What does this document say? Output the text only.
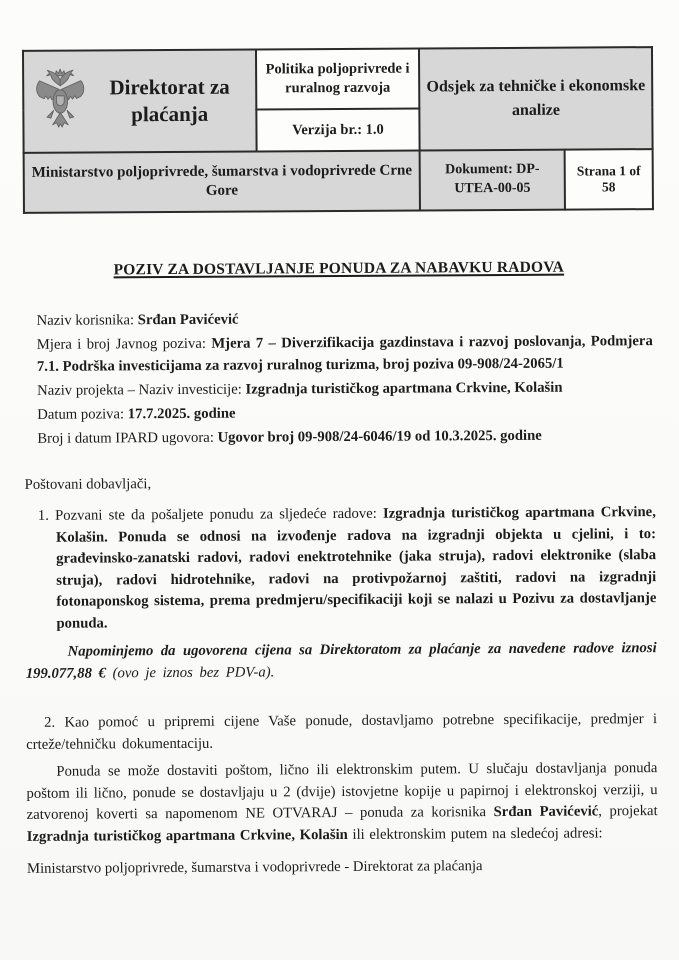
Direktorat za plaćanja	Politika poljoprivrede i ruralnog razvoja	Odsjek za tehničke i ekonomske analize	
	Verzija br.: 1.0		
Ministarstvo poljoprivrede, šumarstva i vodoprivrede Crne Gore		Dokument: DP-UTEA-00-05	Strana 1 of 58
POZIV ZA DOSTAVLJANJE PONUDA ZA NABAVKU RADOVA

Naziv korisnika: Srđan Pavićević

Mjera i broj Javnog poziva: Mjera 7 – Diverzifikacija gazdinstava i razvoj poslovanja, Podmjera 7.1. Podrška investicijama za razvoj ruralnog turizma, broj poziva 09-908/24-2065/1

Naziv projekta – Naziv investicije: Izgradnja turističkog apartmana Crkvine, Kolašin

Datum poziva: 17.7.2025. godine

Broj i datum IPARD ugovora: Ugovor broj 09-908/24-6046/19 od 10.3.2025. godine

Poštovani dobavljači,

1. Pozvani ste da pošaljete ponudu za sljedeće radove: Izgradnja turističkog apartmana Crkvine, Kolašin. Ponuda se odnosi na izvođenje radova na izgradnji objekta u cjelini, i to: građevinsko-zanatski radovi, radovi enektrotehnike (jaka struja), radovi elektronike (slaba struja), radovi hidrotehnike, radovi na protivpožarnoj zaštiti, radovi na izgradnji fotonaponskog sistema, prema predmjeru/specifikaciji koji se nalazi u Pozivu za dostavljanje ponuda.

Napominjemo da ugovorena cijena sa Direktoratom za plaćanje za navedene radove iznosi 199.077,88 € (ovo je iznos bez PDV-a).

2. Kao pomoć u pripremi cijene Vaše ponude, dostavljamo potrebne specifikacije, predmjer i crteže/tehničku dokumentaciju.

Ponuda se može dostaviti poštom, lično ili elektronskim putem. U slučaju dostavljanja ponuda poštom ili lično, ponude se dostavljaju u 2 (dvije) istovjetne kopije u papirnoj i elektronskoj verziji, u zatvorenoj koverti sa napomenom NE OTVARAJ – ponuda za korisnika Srđan Pavićević, projekat Izgradnja turističkog apartmana Crkvine, Kolašin ili elektronskim putem na sledećoj adresi:

Ministarstvo poljoprivrede, šumarstva i vodoprivrede - Direktorat za plaćanja
